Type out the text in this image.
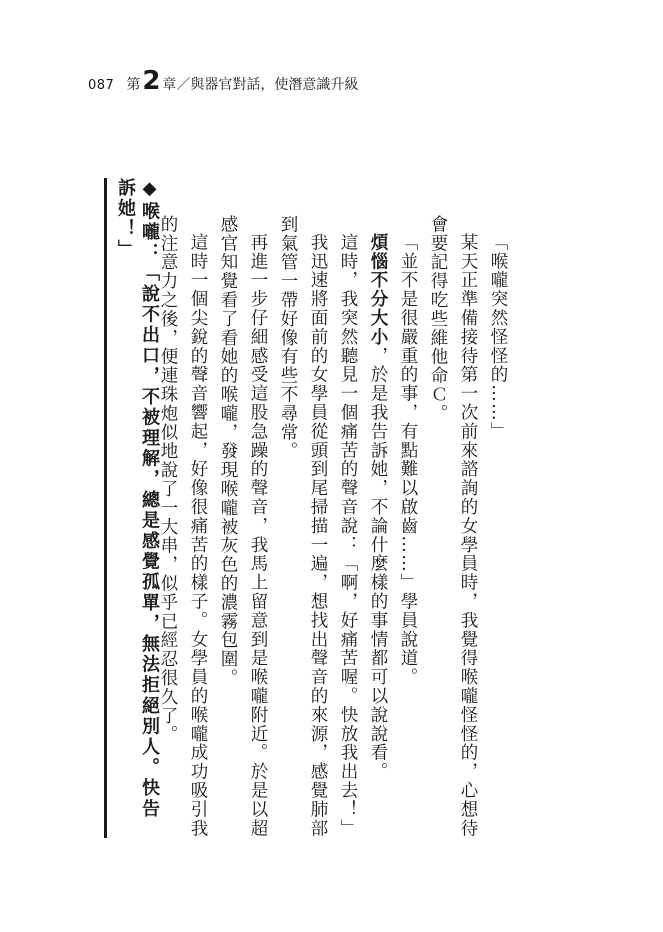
087 第 2 章／與器官對話，使潛意識升級

「喉嚨突然怪怪的……」

某天正準備接待第一次前來諮詢的女學員時，我覺得喉嚨怪怪的，心想待會要記得吃些維他命Ｃ。

「並不是很嚴重的事，有點難以啟齒……」學員說道。

煩惱不分大小，於是我告訴她，不論什麼樣的事情都可以說說看。

這時，我突然聽見一個痛苦的聲音說：「啊，好痛苦喔。快放我出去！」

我迅速將面前的女學員從頭到尾掃描一遍，想找出聲音的來源，感覺肺部到氣管一帶好像有些不尋常。

再進一步仔細感受這股急躁的聲音，我馬上留意到是喉嚨附近。於是以超感官知覺看了看她的喉嚨，發現喉嚨被灰色的濃霧包圍。

這時一個尖銳的聲音響起，好像很痛苦的樣子。女學員的喉嚨成功吸引我的注意力之後，便連珠炮似地說了一大串，似乎已經忍很久了。

◆喉嚨：「說不出口，不被理解，總是感覺孤單，無法拒絕別人。快告訴她！」
